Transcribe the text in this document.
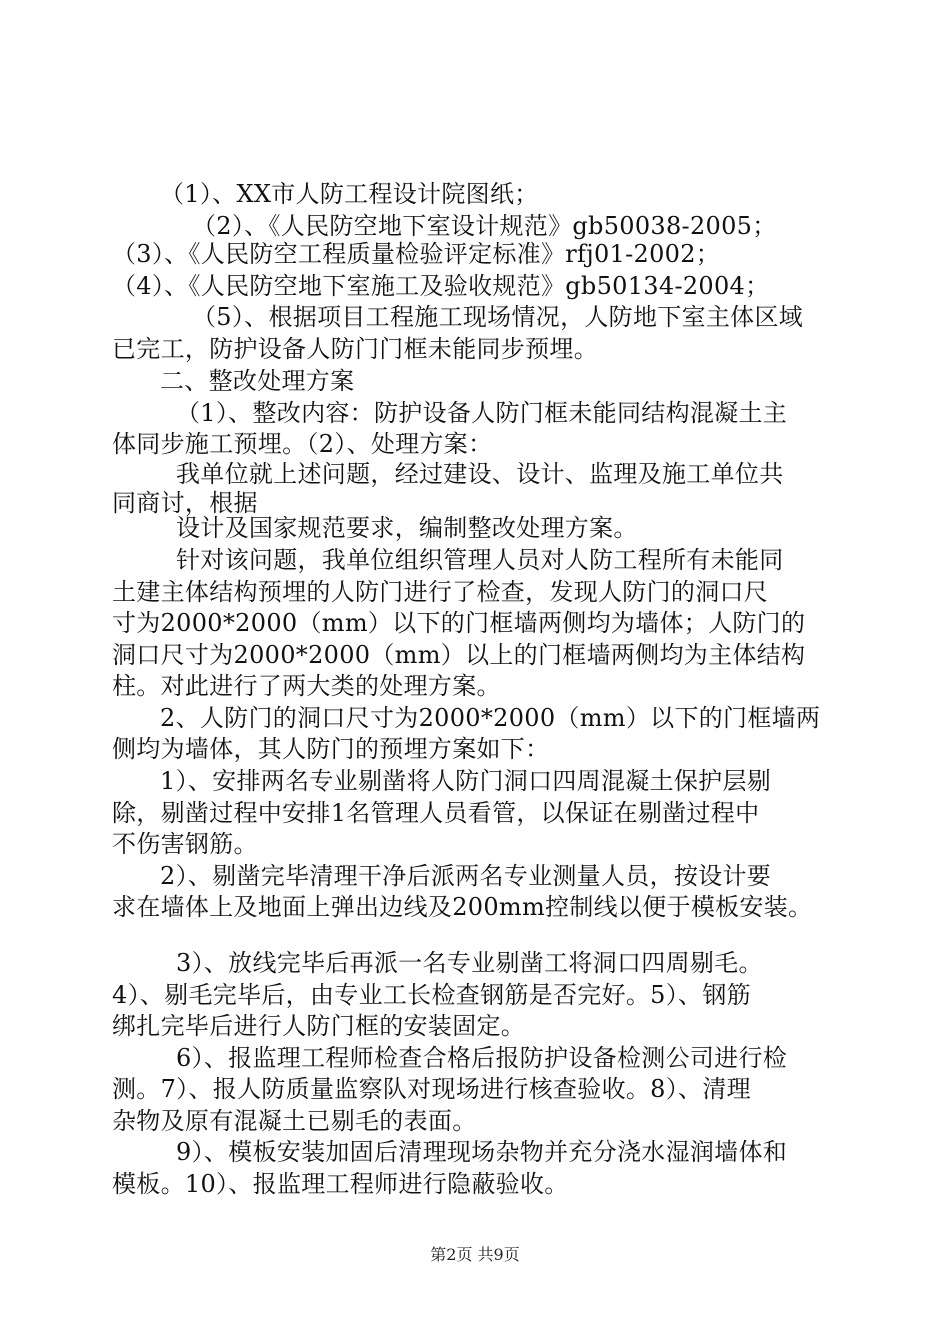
（1）、XX市人防工程设计院图纸；
（2）、《人民防空地下室设计规范》gb50038-2005；
（3）、《人民防空工程质量检验评定标准》rfj01-2002；
（4）、《人民防空地下室施工及验收规范》gb50134-2004；
（5）、根据项目工程施工现场情况，人防地下室主体区域
已完工，防护设备人防门门框未能同步预埋。
二、整改处理方案
（1）、整改内容：防护设备人防门框未能同结构混凝土主
体同步施工预埋。（2）、处理方案：
我单位就上述问题，经过建设、设计、监理及施工单位共
同商讨，根据
设计及国家规范要求，编制整改处理方案。
针对该问题，我单位组织管理人员对人防工程所有未能同
土建主体结构预埋的人防门进行了检查，发现人防门的洞口尺
寸为2000*2000（mm）以下的门框墙两侧均为墙体；人防门的
洞口尺寸为2000*2000（mm）以上的门框墙两侧均为主体结构
柱。对此进行了两大类的处理方案。
2、人防门的洞口尺寸为2000*2000（mm）以下的门框墙两
侧均为墙体，其人防门的预埋方案如下：
1）、安排两名专业剔凿将人防门洞口四周混凝土保护层剔
除，剔凿过程中安排1名管理人员看管，以保证在剔凿过程中
不伤害钢筋。
2）、剔凿完毕清理干净后派两名专业测量人员，按设计要
求在墙体上及地面上弹出边线及200mm控制线以便于模板安装。
3）、放线完毕后再派一名专业剔凿工将洞口四周剔毛。
4）、剔毛完毕后，由专业工长检查钢筋是否完好。5）、钢筋
绑扎完毕后进行人防门框的安装固定。
6）、报监理工程师检查合格后报防护设备检测公司进行检
测。7）、报人防质量监察队对现场进行核查验收。8）、清理
杂物及原有混凝土已剔毛的表面。
9）、模板安装加固后清理现场杂物并充分浇水湿润墙体和
模板。10）、报监理工程师进行隐蔽验收。
第2页 共9页
